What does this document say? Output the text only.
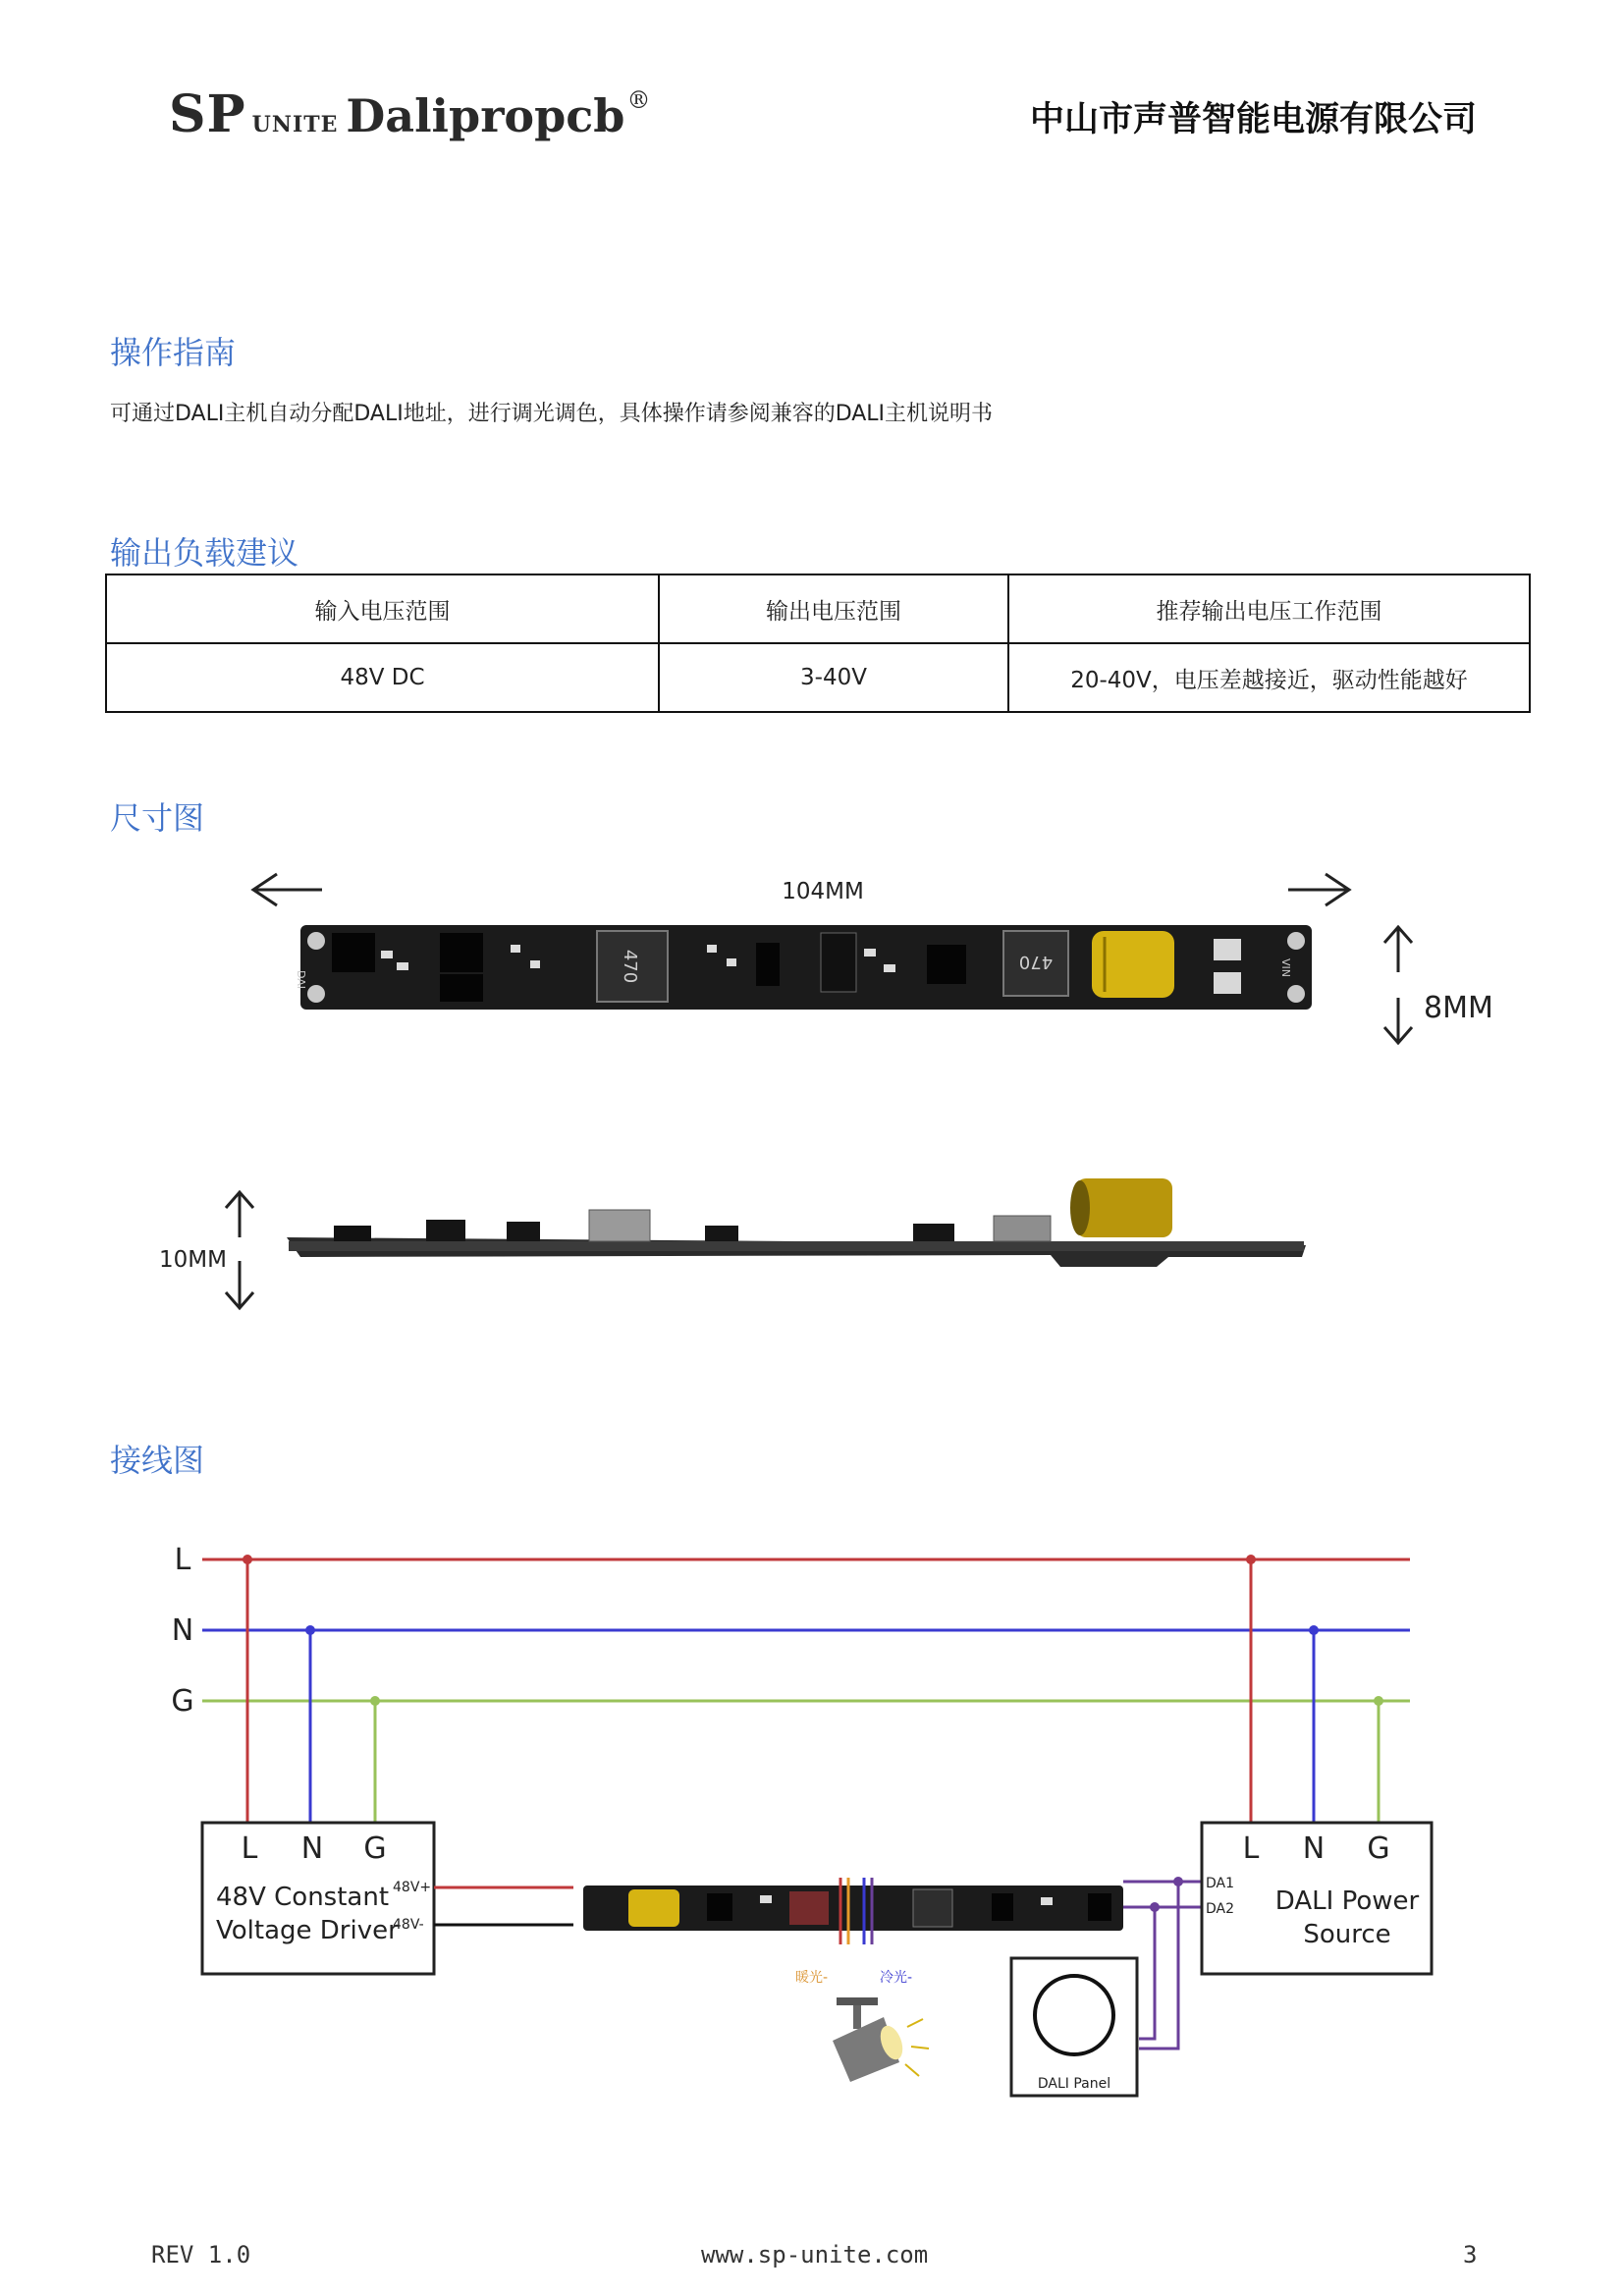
SP UNITE Dalipropcb®	中山市声普智能电源有限公司
操作指南
可通过DALI主机自动分配DALI地址，进行调光调色，具体操作请参阅兼容的DALI主机说明书
输出负载建议
输入电压范围	输出电压范围	推荐输出电压工作范围
48V DC	3-40V	20-40V，电压差越接近，驱动性能越好
尺寸图
104MM
470	470
DAI
VIN
8MM
10MM
接线图
L
N
G
L N G
48V Constant
Voltage Driver
48V+
48V-
暖光-	冷光-
L N G
DA1
DA2 DALI Power
Source
DALI Panel
REV 1.0	www.sp-unite.com	3
